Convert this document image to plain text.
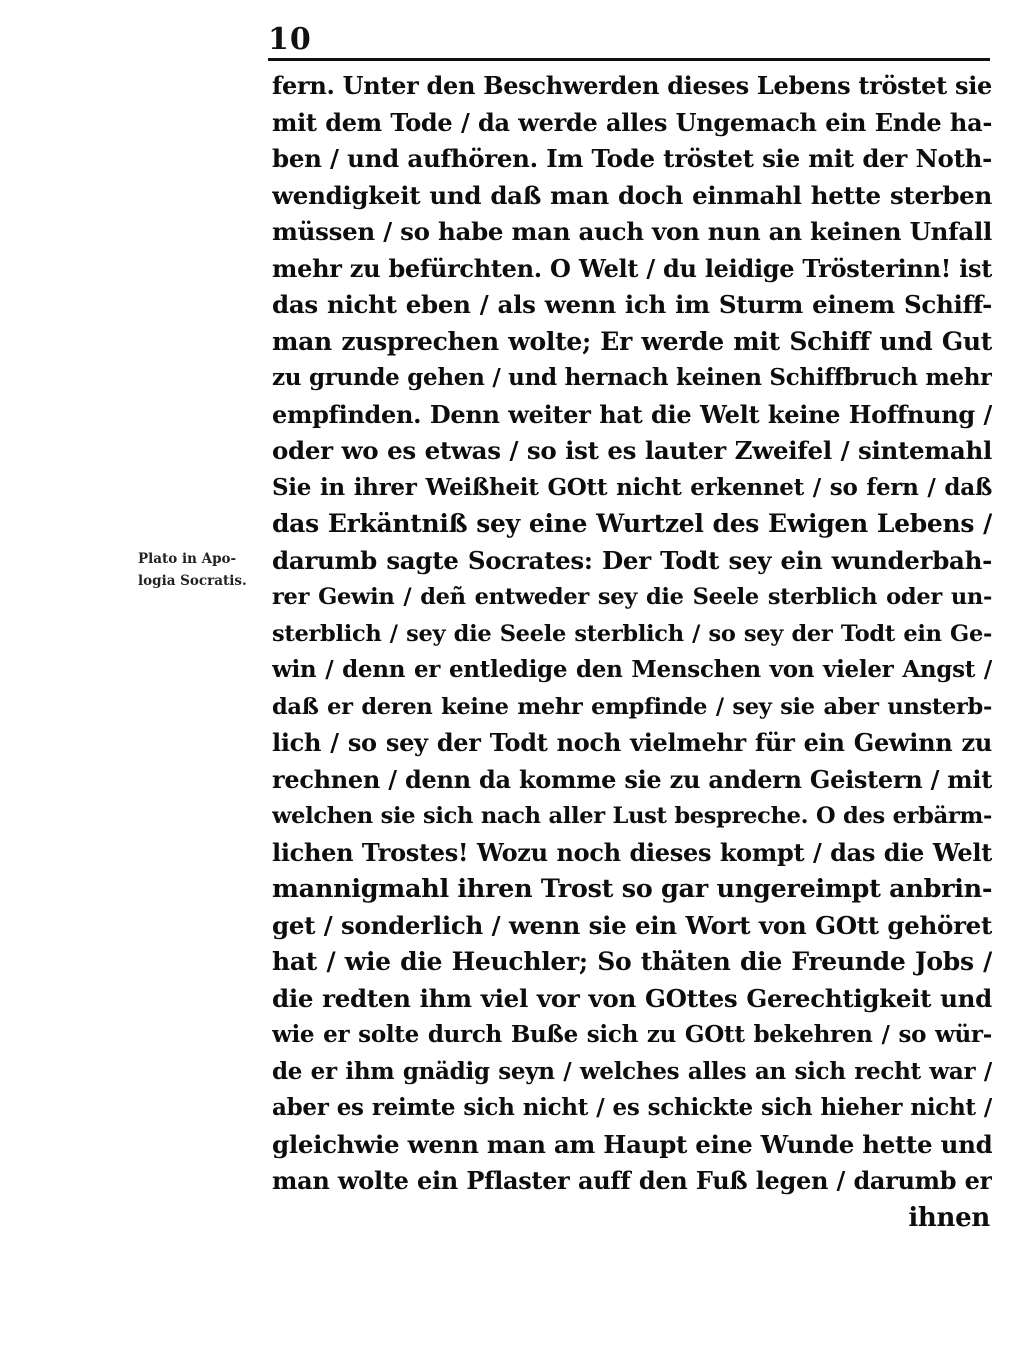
10
Plato in Apo-
logia Socratis.
fern. Unter den Beschwerden dieses Lebens tröstet sie
mit dem Tode / da werde alles Ungemach ein Ende ha-
ben / und aufhören. Im Tode tröstet sie mit der Noth-
wendigkeit und daß man doch einmahl hette sterben
müssen / so habe man auch von nun an keinen Unfall
mehr zu befürchten. O Welt / du leidige Trösterinn! ist
das nicht eben / als wenn ich im Sturm einem Schiff-
man zusprechen wolte; Er werde mit Schiff und Gut
zu grunde gehen / und hernach keinen Schiffbruch mehr
empfinden. Denn weiter hat die Welt keine Hoffnung /
oder wo es etwas / so ist es lauter Zweifel / sintemahl
Sie in ihrer Weißheit GOtt nicht erkennet / so fern / daß
das Erkäntniß sey eine Wurtzel des Ewigen Lebens /
darumb sagte Socrates: Der Todt sey ein wunderbah-
rer Gewin / deñ entweder sey die Seele sterblich oder un-
sterblich / sey die Seele sterblich / so sey der Todt ein Ge-
win / denn er entledige den Menschen von vieler Angst /
daß er deren keine mehr empfinde / sey sie aber unsterb-
lich / so sey der Todt noch vielmehr für ein Gewinn zu
rechnen / denn da komme sie zu andern Geistern / mit
welchen sie sich nach aller Lust bespreche. O des erbärm-
lichen Trostes! Wozu noch dieses kompt / das die Welt
mannigmahl ihren Trost so gar ungereimpt anbrin-
get / sonderlich / wenn sie ein Wort von GOtt gehöret
hat / wie die Heuchler; So thäten die Freunde Jobs /
die redten ihm viel vor von GOttes Gerechtigkeit und
wie er solte durch Buße sich zu GOtt bekehren / so wür-
de er ihm gnädig seyn / welches alles an sich recht war /
aber es reimte sich nicht / es schickte sich hieher nicht /
gleichwie wenn man am Haupt eine Wunde hette und
man wolte ein Pflaster auff den Fuß legen / darumb er
ihnen
